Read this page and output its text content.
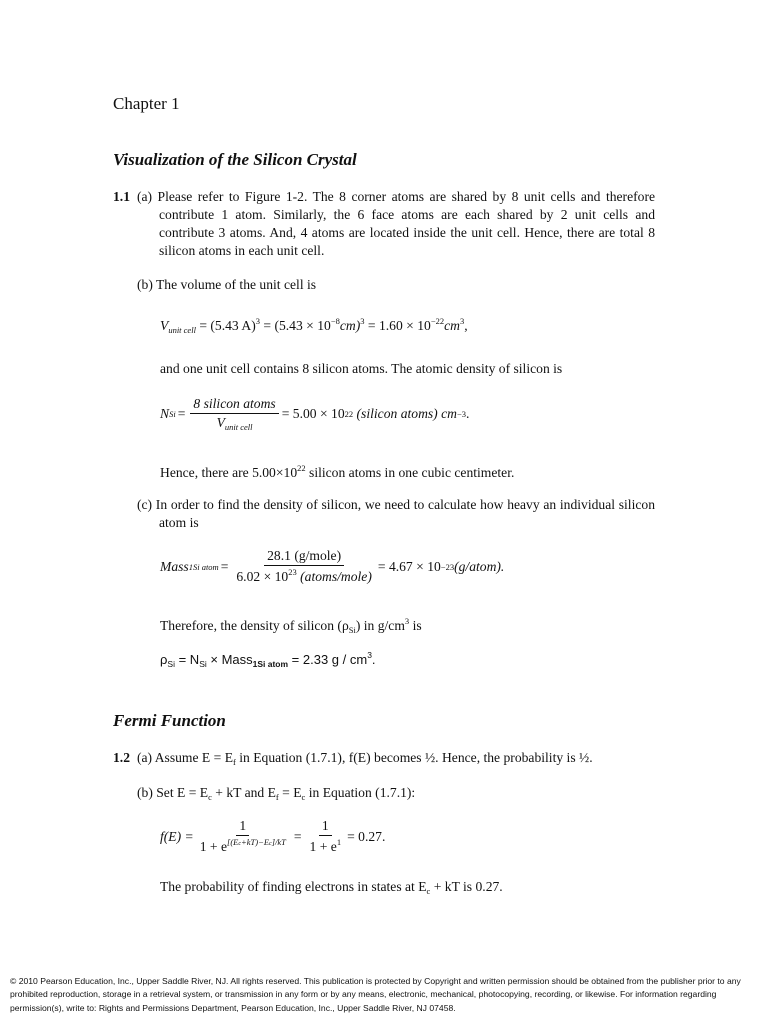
Chapter 1
Visualization of the Silicon Crystal
1.1 (a) Please refer to Figure 1-2. The 8 corner atoms are shared by 8 unit cells and therefore contribute 1 atom. Similarly, the 6 face atoms are each shared by 2 unit cells and contribute 3 atoms. And, 4 atoms are located inside the unit cell. Hence, there are total 8 silicon atoms in each unit cell.
(b) The volume of the unit cell is
$V_{unit cell} = (5.43$ $A)^3 = (5.43 \times 10^{-8}cm)^3 = 1.60 \times 10^{-22}cm^3$,
and one unit cell contains 8 silicon atoms. The atomic density of silicon is
N $Si = \frac{\text{8 silicon atoms}}{V_{unit cell}} = 5.00 \times 10$ 22
(silicon atoms) cm −3 .
Hence, there are $5.00\times 10^{22}$ silicon atoms in one cubic centimeter.
(c) In order to find the density of silicon, we need to calculate how heavy an individual silicon atom is
Mass 1Si atom = $\frac{\text{28.1 (g/mole)}}{6.02 \times 10^{23} (atoms/mole)} = 4.67 \times 10 -23$ (g/atom).
Therefore, the density of silicon $(\rho_{Si})$ in $g/cm^3$ is
$\rho_{Si} = N_{Si}$ × Mass$_{1Si atom}$ = 2.33 g / $cm^3$.
Fermi Function
1.2 (a) Assume $E = E_f$ in Equation (1.7.1), f(E) becomes ½. Hence, the probability is ½.
(b) Set $E = E_c$ + kT and $E_f = E_c$ in Equation (1.7.1):
$f(E) = \frac{1}{1 + e^{[(Ec+kT)-Ec]/kT}} = \frac{1}{1 + e^1} = 0.27$.
The probability of finding electrons in states at $E_c$ + kT is 0.27.
© 2010 Pearson Education, Inc., Upper Saddle River, NJ. All rights reserved. This publication is protected by Copyright and written permission should be obtained from the publisher prior to any prohibited reproduction, storage in a retrieval system, or transmission in any form or by any means, electronic, mechanical, photocopying, recording, or likewise. For information regarding permission(s), write to: Rights and Permissions Department, Pearson Education, Inc., Upper Saddle River, NJ 07458.
